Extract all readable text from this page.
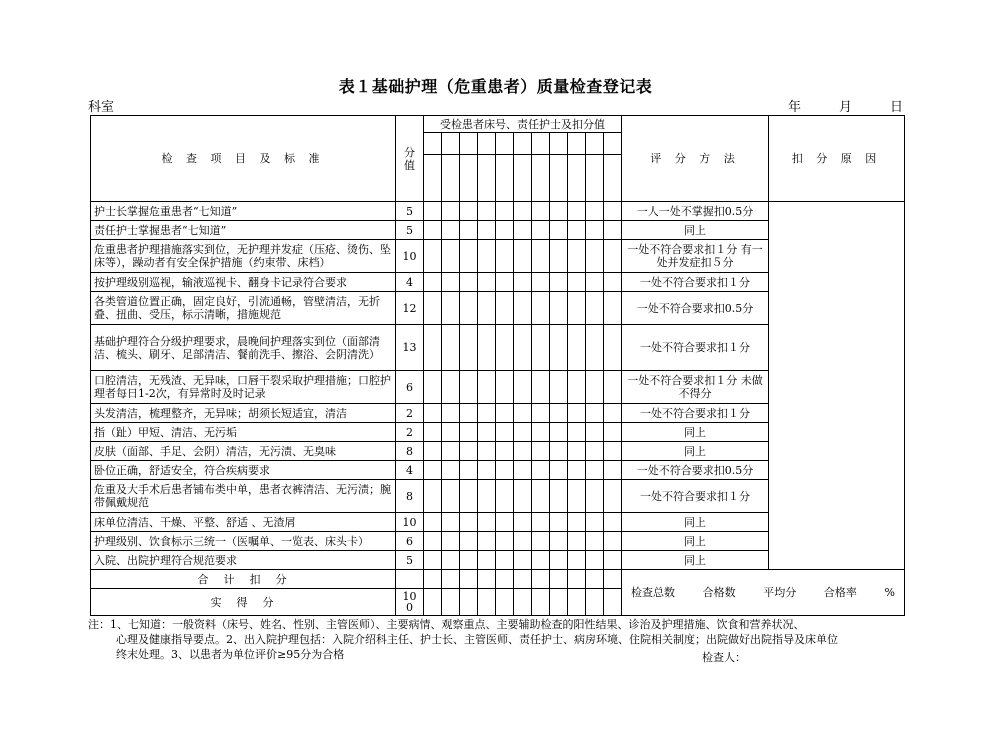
表１基础护理（危重患者）质量检查登记表
科室	年	月	日
检 查 项 目 及 标 准	分值	受检患者床号、责任护士及扣分值											评 分 方 法	扣 分 原 因

护士长掌握危重患者“七知道”	5												一人一处不掌握扣0.5分	
责任护士掌握患者“七知道”	5												同上	
危重患者护理措施落实到位，无护理并发症（压疮、烫伤、坠床等），躁动者有安全保护措施（约束带、床档）	10												一处不符合要求扣１分 有一处并发症扣５分	
按护理级别巡视，输液巡视卡、翻身卡记录符合要求	4												一处不符合要求扣１分	
各类管道位置正确，固定良好，引流通畅，管壁清洁，无折叠、扭曲、受压，标示清晰，措施规范	12												一处不符合要求扣0.5分	
基础护理符合分级护理要求，晨晚间护理落实到位（面部清洁、梳头、刷牙、足部清洁、餐前洗手、擦浴、会阴清洗）	13												一处不符合要求扣１分	
口腔清洁，无残渣、无异味，口唇干裂采取护理措施；口腔护理者每日1-2次，有异常时及时记录	6												一处不符合要求扣１分 未做不得分	
头发清洁，梳理整齐，无异味；胡须长短适宜，清洁	2												一处不符合要求扣１分	
指（趾）甲短、清洁、无污垢	2												同上	
皮肤（面部、手足、会阴）清洁，无污渍、无臭味	8												同上	
卧位正确，舒适安全，符合疾病要求	4												一处不符合要求扣0.5分	
危重及大手术后患者铺布类中单，患者衣裤清洁、无污渍；腕带佩戴规范	8												一处不符合要求扣１分	
床单位清洁、干燥、平整、舒适 、无渣屑	10												同上	
护理级别、饮食标示三统一（医嘱单、一览表、床头卡）	6												同上	
入院、出院护理符合规范要求	5												同上	
合　计　扣　分													检查总数 合格数 平均分 合格率 %	

实　得　分	100													

注：1、七知道：一般资料（床号、姓名、性别、主管医师）、主要病情、观察重点、主要辅助检查的阳性结果、诊治及护理措施、饮食和营养状况、
心理及健康指导要点。2、出入院护理包括：入院介绍科主任、护士长、主管医师、责任护士、病房环境、住院相关制度；出院做好出院指导及床单位
终末处理。3、以患者为单位评价≥95分为合格	检查人：
